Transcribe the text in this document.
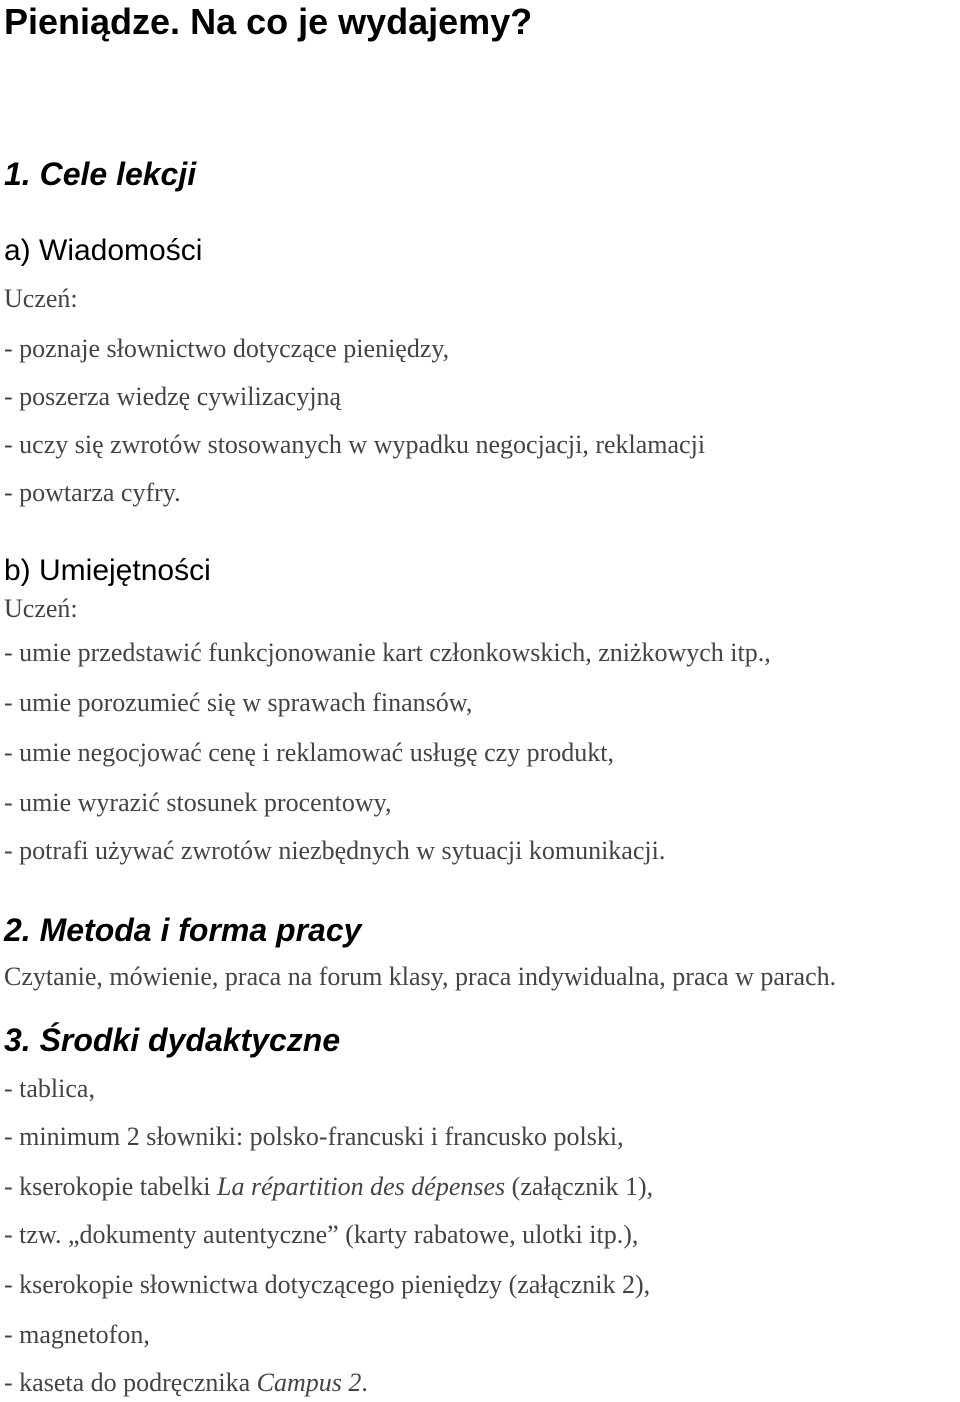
Pieniądze. Na co je wydajemy?
1. Cele lekcji
a) Wiadomości
Uczeń:
- poznaje słownictwo dotyczące pieniędzy,
- poszerza wiedzę cywilizacyjną
- uczy się zwrotów stosowanych w wypadku negocjacji, reklamacji
- powtarza cyfry.
b) Umiejętności
Uczeń:
- umie przedstawić funkcjonowanie kart członkowskich, zniżkowych itp.,
- umie porozumieć się w sprawach finansów,
- umie negocjować cenę i reklamować usługę czy produkt,
- umie wyrazić stosunek procentowy,
- potrafi używać zwrotów niezbędnych w sytuacji komunikacji.
2. Metoda i forma pracy
Czytanie, mówienie, praca na forum klasy, praca indywidualna, praca w parach.
3. Środki dydaktyczne
- tablica,
- minimum 2 słowniki: polsko-francuski i francusko polski,
- kserokopie tabelki La répartition des dépenses (załącznik 1),
- tzw. „dokumenty autentyczne” (karty rabatowe, ulotki itp.),
- kserokopie słownictwa dotyczącego pieniędzy (załącznik 2),
- magnetofon,
- kaseta do podręcznika Campus 2.
